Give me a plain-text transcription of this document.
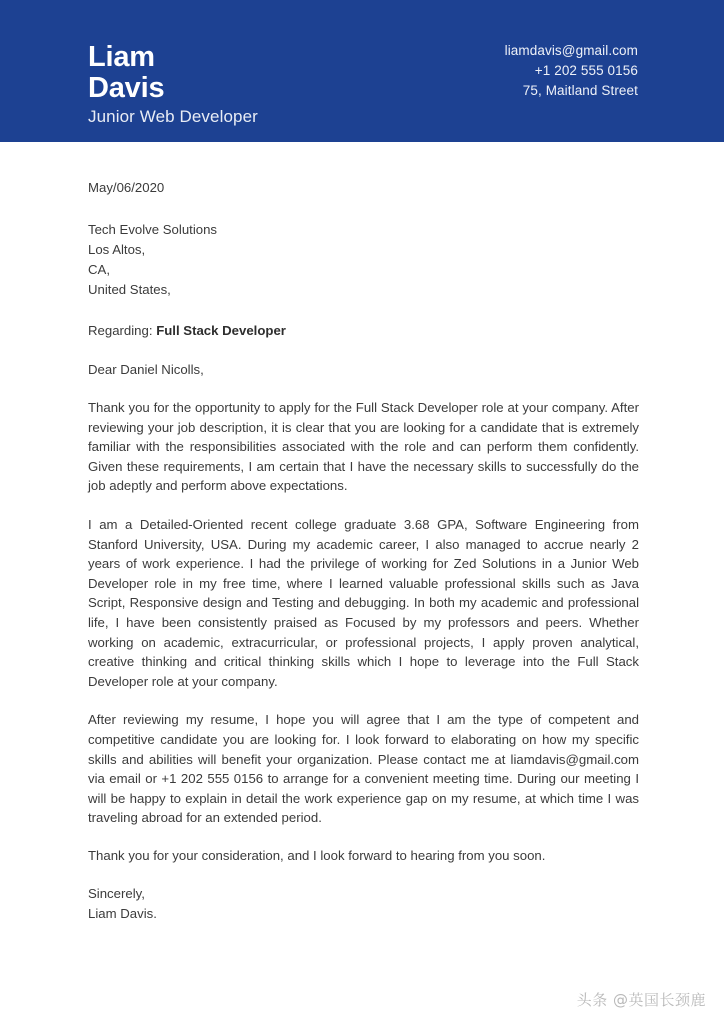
Liam
Davis
Junior Web Developer
liamdavis@gmail.com
+1 202 555 0156
75, Maitland Street
May/06/2020
Tech Evolve Solutions
Los Altos,
CA,
United States,
Regarding: Full Stack Developer
Dear Daniel Nicolls,

Thank you for the opportunity to apply for the Full Stack Developer role at your company. After reviewing your job description, it is clear that you are looking for a candidate that is extremely familiar with the responsibilities associated with the role and can perform them confidently. Given these requirements, I am certain that I have the necessary skills to successfully do the job adeptly and perform above expectations.

I am a Detailed-Oriented recent college graduate 3.68 GPA, Software Engineering from Stanford University, USA. During my academic career, I also managed to accrue nearly 2 years of work experience. I had the privilege of working for Zed Solutions in a Junior Web Developer role in my free time, where I learned valuable professional skills such as Java Script, Responsive design and Testing and debugging. In both my academic and professional life, I have been consistently praised as Focused by my professors and peers. Whether working on academic, extracurricular, or professional projects, I apply proven analytical, creative thinking and critical thinking skills which I hope to leverage into the Full Stack Developer role at your company.

After reviewing my resume, I hope you will agree that I am the type of competent and competitive candidate you are looking for. I look forward to elaborating on how my specific skills and abilities will benefit your organization. Please contact me at liamdavis@gmail.com via email or +1 202 555 0156 to arrange for a convenient meeting time. During our meeting I will be happy to explain in detail the work experience gap on my resume, at which time I was traveling abroad for an extended period.

Thank you for your consideration, and I look forward to hearing from you soon.
Sincerely,
Liam Davis.
头条 @英国长颈鹿
